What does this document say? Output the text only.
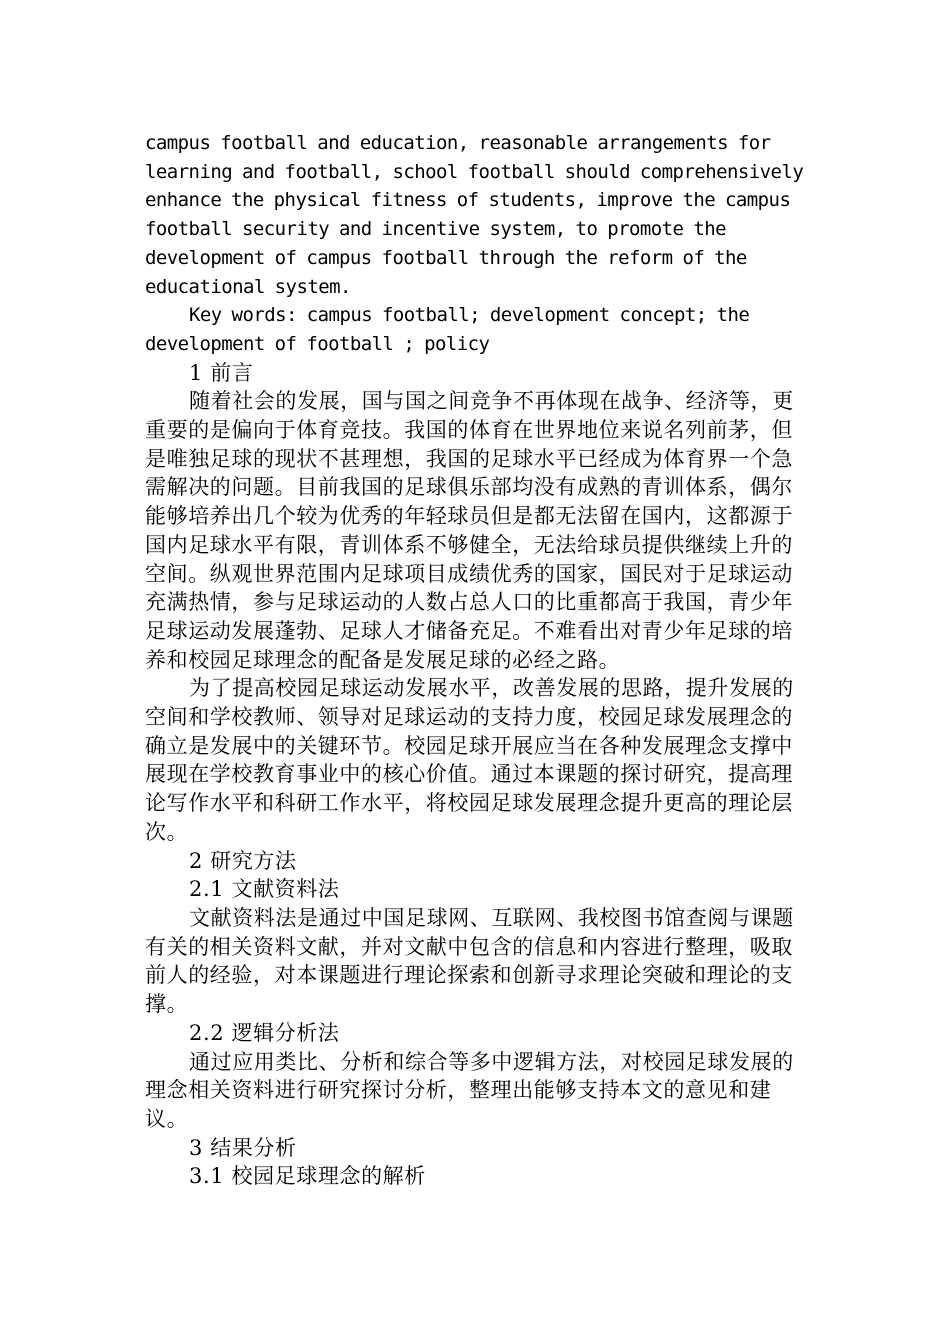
campus football and education, reasonable arrangements for learning and football, school football should comprehensively enhance the physical fitness of students, improve the campus football security and incentive system, to promote the development of campus football through the reform of the educational system.

Key words: campus football; development concept; the development of football ; policy

1 前言

随着社会的发展，国与国之间竞争不再体现在战争、经济等，更重要的是偏向于体育竞技。我国的体育在世界地位来说名列前茅，但是唯独足球的现状不甚理想，我国的足球水平已经成为体育界一个急需解决的问题。目前我国的足球俱乐部均没有成熟的青训体系，偶尔能够培养出几个较为优秀的年轻球员但是都无法留在国内，这都源于国内足球水平有限，青训体系不够健全，无法给球员提供继续上升的空间。纵观世界范围内足球项目成绩优秀的国家，国民对于足球运动充满热情，参与足球运动的人数占总人口的比重都高于我国，青少年足球运动发展蓬勃、足球人才储备充足。不难看出对青少年足球的培养和校园足球理念的配备是发展足球的必经之路。

为了提高校园足球运动发展水平，改善发展的思路，提升发展的空间和学校教师、领导对足球运动的支持力度，校园足球发展理念的确立是发展中的关键环节。校园足球开展应当在各种发展理念支撑中展现在学校教育事业中的核心价值。通过本课题的探讨研究，提高理论写作水平和科研工作水平，将校园足球发展理念提升更高的理论层次。

2 研究方法

2.1 文献资料法

文献资料法是通过中国足球网、互联网、我校图书馆查阅与课题有关的相关资料文献，并对文献中包含的信息和内容进行整理，吸取前人的经验，对本课题进行理论探索和创新寻求理论突破和理论的支撑。

2.2 逻辑分析法

通过应用类比、分析和综合等多中逻辑方法，对校园足球发展的理念相关资料进行研究探讨分析，整理出能够支持本文的意见和建议。

3 结果分析

3.1 校园足球理念的解析
